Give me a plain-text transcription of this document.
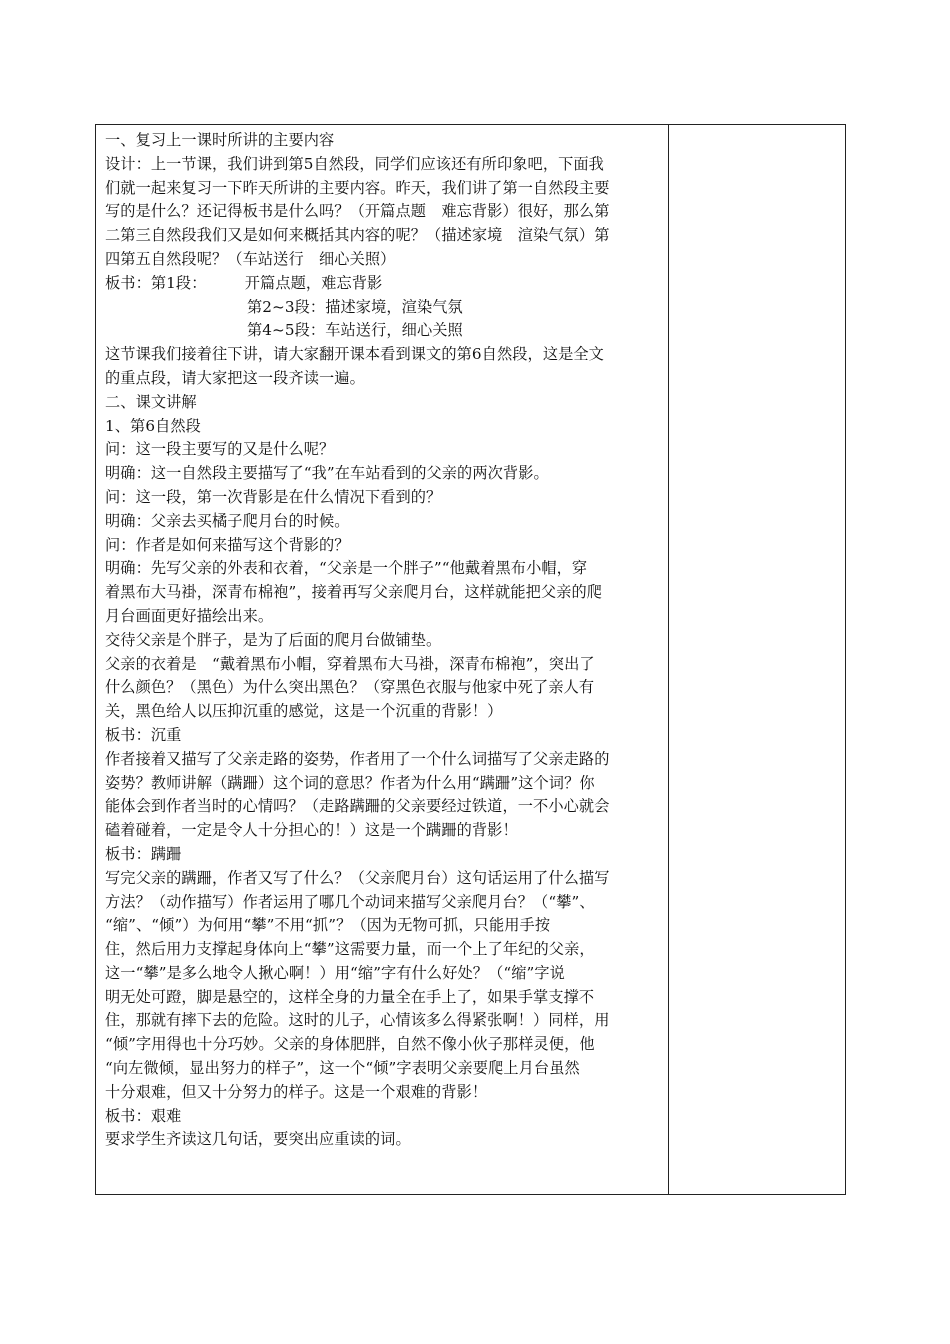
一、复习上一课时所讲的主要内容
设计：上一节课，我们讲到第5自然段，同学们应该还有所印象吧，下面我
们就一起来复习一下昨天所讲的主要内容。昨天，我们讲了第一自然段主要
写的是什么？还记得板书是什么吗？（开篇点题　难忘背影）很好，那么第
二第三自然段我们又是如何来概括其内容的呢？（描述家境　渲染气氛）第
四第五自然段呢？（车站送行　细心关照）
板书：第1段：　　　开篇点题，难忘背影
第2~3段：描述家境，渲染气氛
第4~5段：车站送行，细心关照
这节课我们接着往下讲，请大家翻开课本看到课文的第6自然段，这是全文
的重点段，请大家把这一段齐读一遍。
二、课文讲解
1、第6自然段
问：这一段主要写的又是什么呢？
明确：这一自然段主要描写了“我”在车站看到的父亲的两次背影。
问：这一段，第一次背影是在什么情况下看到的？
明确：父亲去买橘子爬月台的时候。
问：作者是如何来描写这个背影的？
明确：先写父亲的外表和衣着，“父亲是一个胖子”“他戴着黑布小帽，穿
着黑布大马褂，深青布棉袍”，接着再写父亲爬月台，这样就能把父亲的爬
月台画面更好描绘出来。
交待父亲是个胖子，是为了后面的爬月台做铺垫。
父亲的衣着是　“戴着黑布小帽，穿着黑布大马褂，深青布棉袍”，突出了
什么颜色？（黑色）为什么突出黑色？（穿黑色衣服与他家中死了亲人有
关，黑色给人以压抑沉重的感觉，这是一个沉重的背影！）
板书：沉重
作者接着又描写了父亲走路的姿势，作者用了一个什么词描写了父亲走路的
姿势？教师讲解（蹒跚）这个词的意思？作者为什么用“蹒跚”这个词？你
能体会到作者当时的心情吗？（走路蹒跚的父亲要经过铁道，一不小心就会
磕着碰着，一定是令人十分担心的！）这是一个蹒跚的背影！
板书：蹒跚
写完父亲的蹒跚，作者又写了什么？（父亲爬月台）这句话运用了什么描写
方法？（动作描写）作者运用了哪几个动词来描写父亲爬月台？（“攀”、
“缩”、“倾”）为何用“攀”不用“抓”？（因为无物可抓，只能用手按
住，然后用力支撑起身体向上“攀”这需要力量，而一个上了年纪的父亲，
这一“攀”是多么地令人揪心啊！）用“缩”字有什么好处？（“缩”字说
明无处可蹬，脚是悬空的，这样全身的力量全在手上了，如果手掌支撑不
住，那就有摔下去的危险。这时的儿子，心情该多么得紧张啊！）同样，用
“倾”字用得也十分巧妙。父亲的身体肥胖，自然不像小伙子那样灵便，他
“向左微倾，显出努力的样子”，这一个“倾”字表明父亲要爬上月台虽然
十分艰难，但又十分努力的样子。这是一个艰难的背影！
板书：艰难
要求学生齐读这几句话，要突出应重读的词。
